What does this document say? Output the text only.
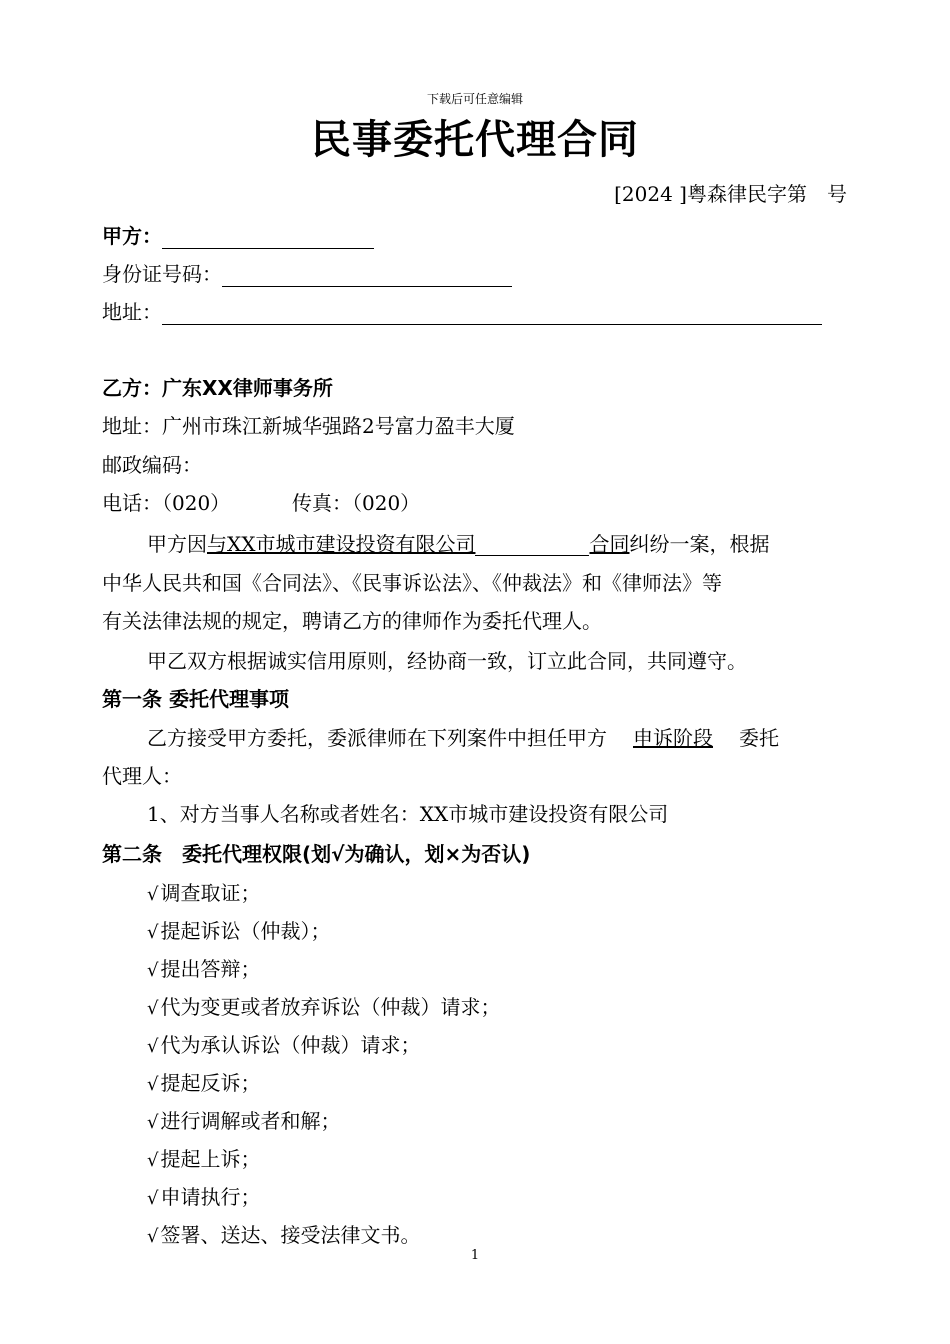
下载后可任意编辑
民事委托代理合同
[2024 ]粤森律民字第　号
甲方：
身份证号码：
地址：
乙方：广东XX律师事务所
地址：广州市珠江新城华强路2号富力盈丰大厦
邮政编码：
电话：（020）	传真：（020）
甲方因与XX市城市建设投资有限公司	合同纠纷一案，根据
中华人民共和国《合同法》、《民事诉讼法》、《仲裁法》和《律师法》等
有关法律法规的规定，聘请乙方的律师作为委托代理人。
甲乙双方根据诚实信用原则，经协商一致，订立此合同，共同遵守。
第一条 委托代理事项
乙方接受甲方委托，委派律师在下列案件中担任甲方 申诉阶段 委托
代理人：
1、对方当事人名称或者姓名：XX市城市建设投资有限公司
第二条　委托代理权限(划√为确认，划×为否认)
√ 调查取证；
√ 提起诉讼（仲裁）；
√ 提出答辩；
√ 代为变更或者放弃诉讼（仲裁）请求；
√ 代为承认诉讼（仲裁）请求；
√ 提起反诉；
√ 进行调解或者和解；
√ 提起上诉；
√ 申请执行；
√ 签署、送达、接受法律文书。
1
